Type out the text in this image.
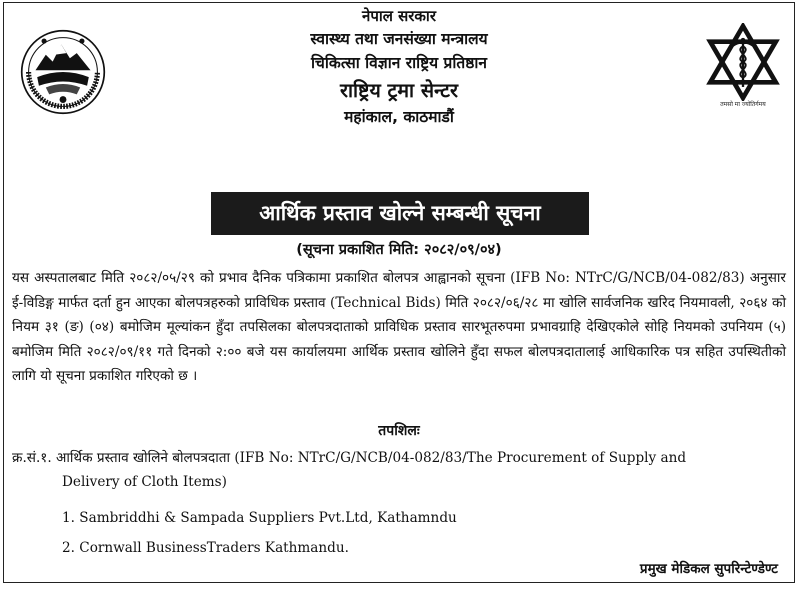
तमसो मा ज्योतिर्गमय
नेपाल सरकार
स्वास्थ्य तथा जनसंख्या मन्त्रालय
चिकित्सा विज्ञान राष्ट्रिय प्रतिष्ठान
राष्ट्रिय ट्रमा सेन्टर
महांकाल, काठमाडौं
आर्थिक प्रस्ताव खोल्ने सम्बन्धी सूचना
(सूचना प्रकाशित मिति: २०८२/०९/०४)
यस अस्पतालबाट मिति २०८२/०५/२९ को प्रभाव दैनिक पत्रिकामा प्रकाशित बोलपत्र आह्वानको सूचना (IFB No: NTrC/G/NCB/04-082/83) अनुसार ई-विडिङ्ग मार्फत दर्ता हुन आएका बोलपत्रहरुको प्राविधिक प्रस्ताव (Technical Bids) मिति २०८२/०६/२८ मा खोलि सार्वजनिक खरिद नियमावली, २०६४ को नियम ३१ (ङ) (०४) बमोजिम मूल्यांकन हुँदा तपसिलका बोलपत्रदाताको प्राविधिक प्रस्ताव सारभूतरुपमा प्रभावग्राहि देखिएकोले सोहि नियमको उपनियम (५) बमोजिम मिति २०८२/०९/११ गते दिनको २:०० बजे यस कार्यालयमा आर्थिक प्रस्ताव खोलिने हुँदा सफल बोलपत्रदातालाई आधिकारिक पत्र सहित उपस्थितीको लागि यो सूचना प्रकाशित गरिएको छ ।
तपशिलः
क्र.सं.१. आर्थिक प्रस्ताव खोलिने बोलपत्रदाता (IFB No: NTrC/G/NCB/04-082/83/The Procurement of Supply and
Delivery of Cloth Items)
1. Sambriddhi & Sampada Suppliers Pvt.Ltd, Kathamndu
2. Cornwall BusinessTraders Kathmandu.
प्रमुख मेडिकल सुपरिन्टेण्डेण्ट
